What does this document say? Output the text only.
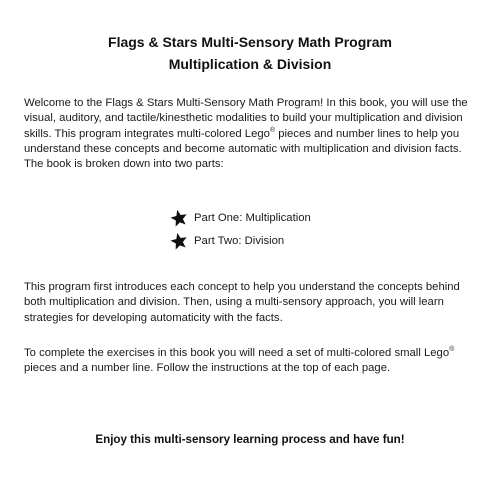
Flags & Stars Multi-Sensory Math Program
Multiplication & Division

Welcome to the Flags & Stars Multi-Sensory Math Program! In this book, you will use the visual, auditory, and tactile/kinesthetic modalities to build your multiplication and division skills. This program integrates multi-colored Lego® pieces and number lines to help you understand these concepts and become automatic with multiplication and division facts. The book is broken down into two parts:

Part One: Multiplication
Part Two: Division

This program first introduces each concept to help you understand the concepts behind both multiplication and division. Then, using a multi-sensory approach, you will learn strategies for developing automaticity with the facts.

To complete the exercises in this book you will need a set of multi-colored small Lego® pieces and a number line. Follow the instructions at the top of each page.

Enjoy this multi-sensory learning process and have fun!
